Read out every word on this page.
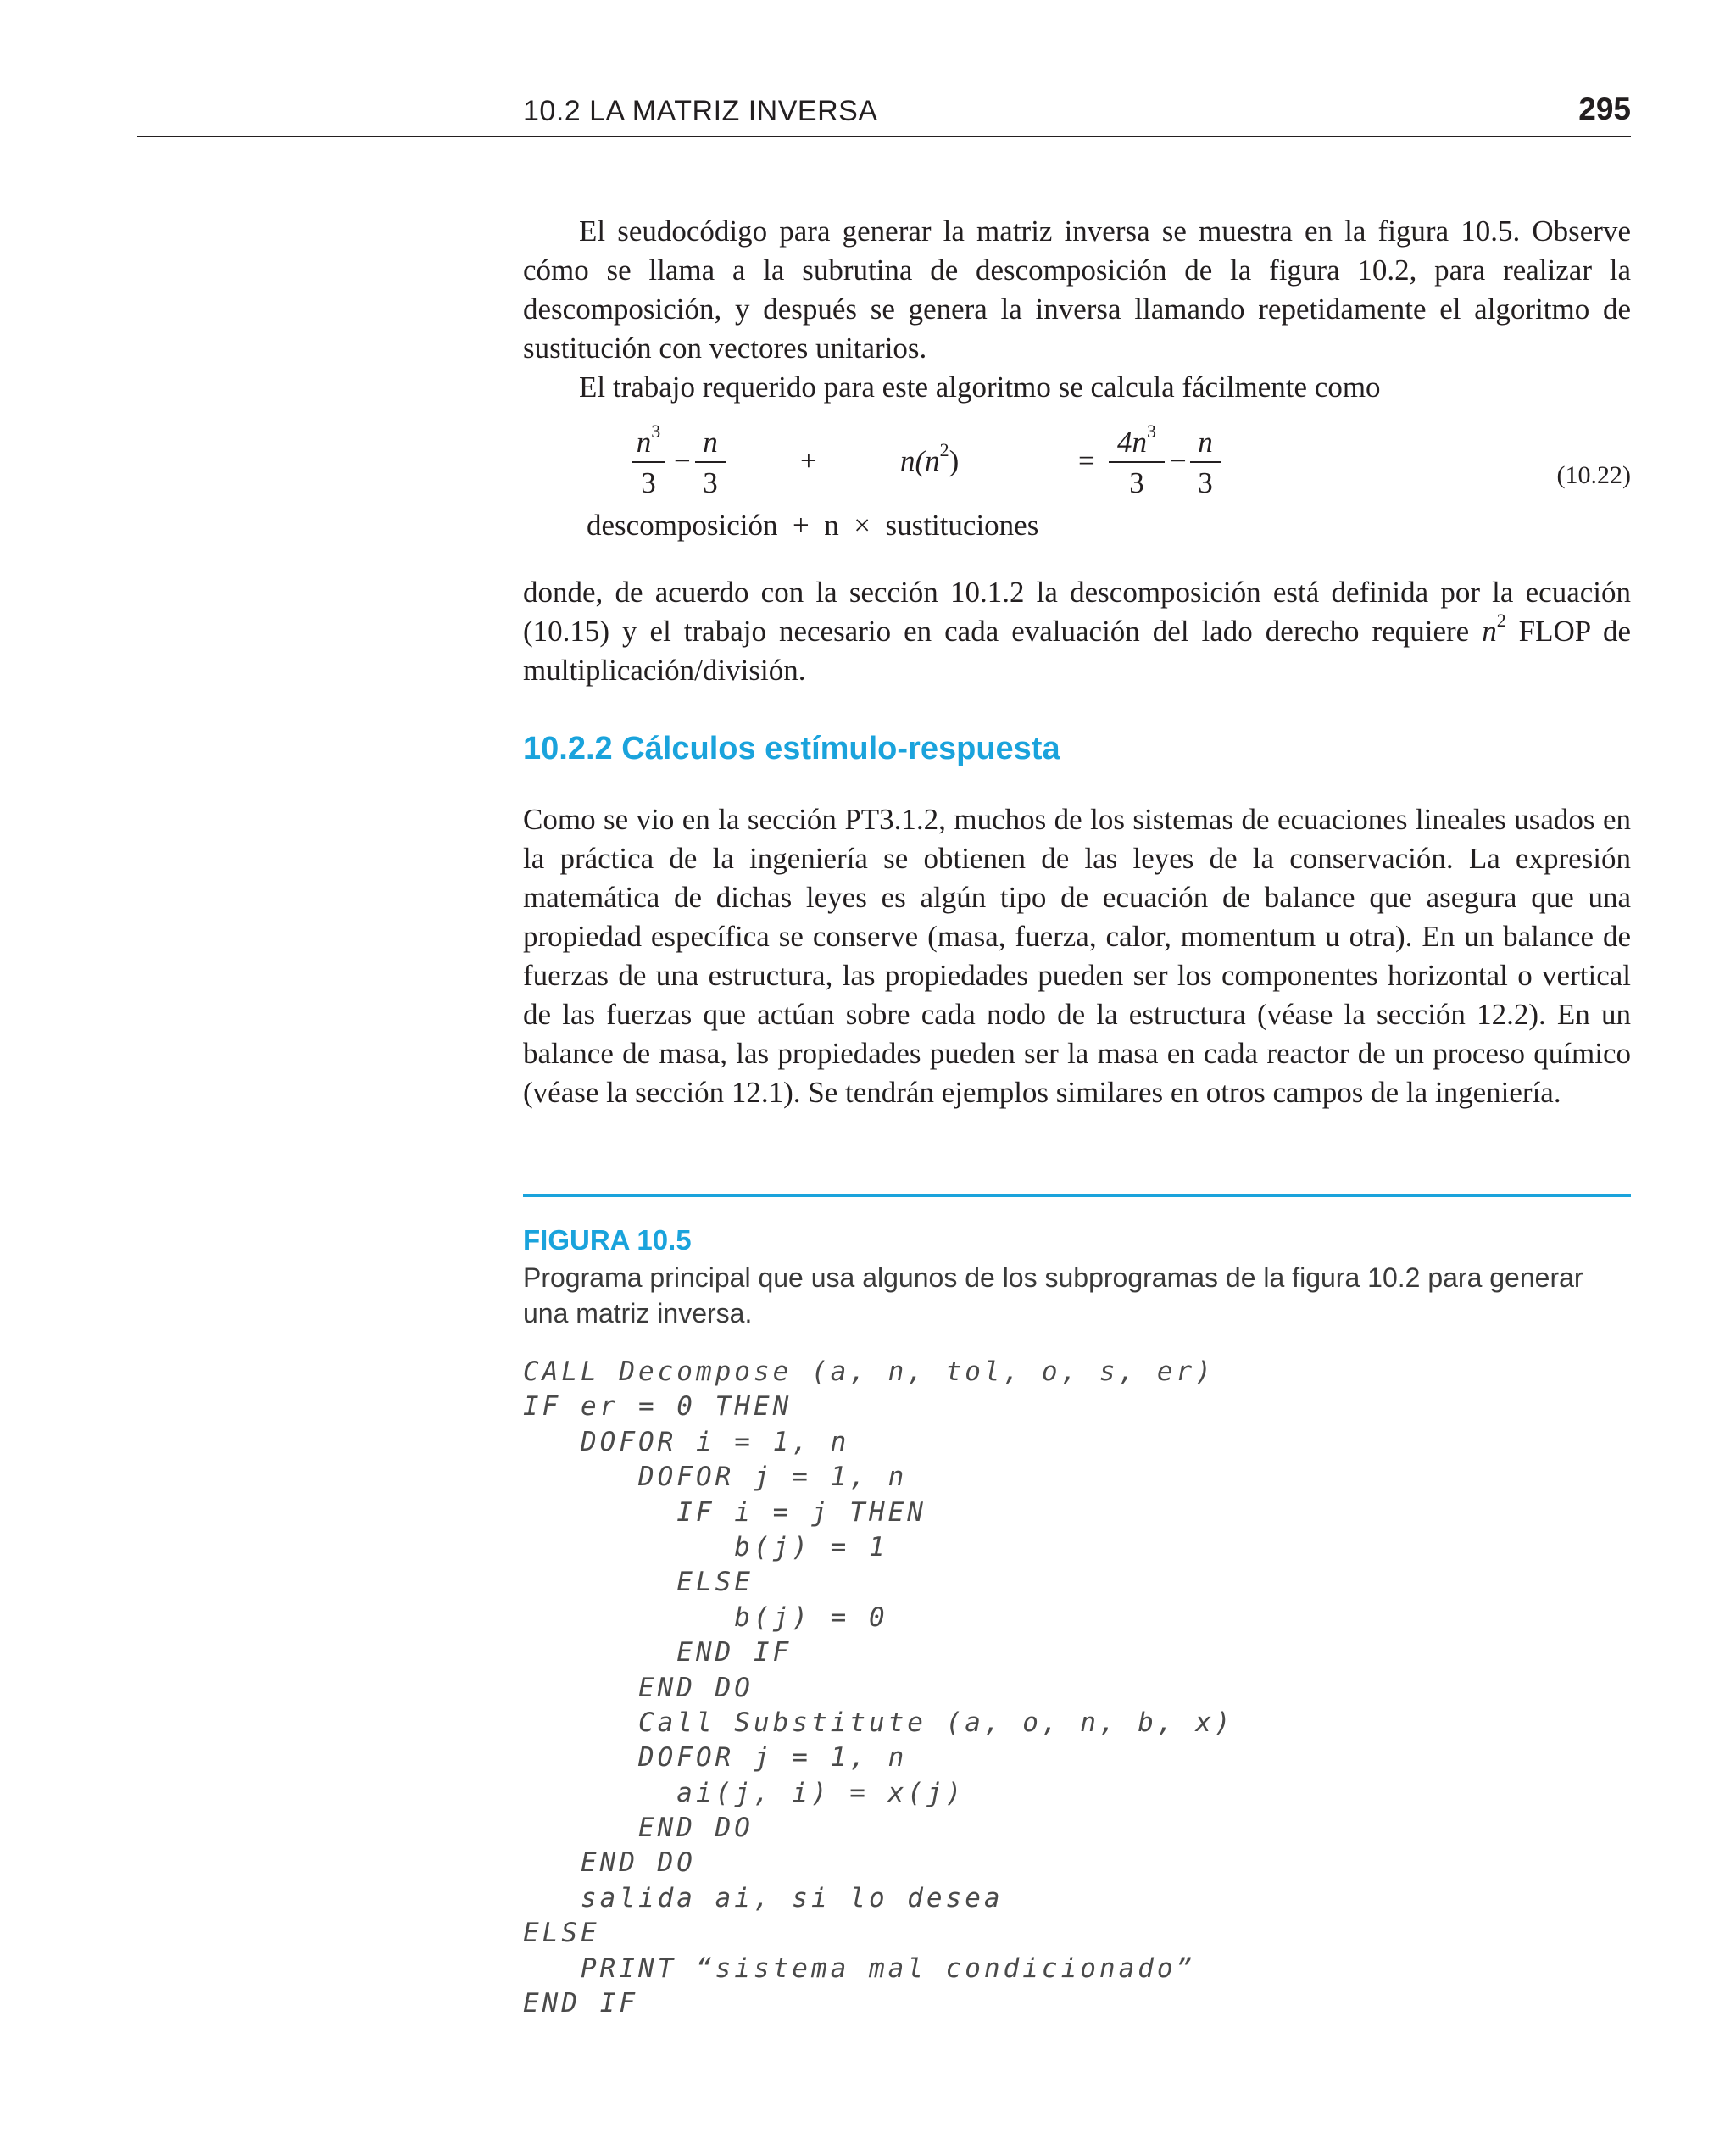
10.2 LA MATRIZ INVERSA	295

El seudocódigo para generar la matriz inversa se muestra en la figura 10.5. Observe cómo se llama a la subrutina de descomposición de la figura 10.2, para realizar la descomposición, y después se genera la inversa llamando repetidamente el algoritmo de sustitución con vectores unitarios.

El trabajo requerido para este algoritmo se calcula fácilmente como

$n^3$
3
−
n
3
+	$n(n^2)$	=
$4n^3$
3
−
n
3	(10.22)
descomposición  +  n  ×  sustituciones

donde, de acuerdo con la sección 10.1.2 la descomposición está definida por la ecuación (10.15) y el trabajo necesario en cada evaluación del lado derecho requiere $n^2$ FLOP de multiplicación/división.

10.2.2 Cálculos estímulo-respuesta

Como se vio en la sección PT3.1.2, muchos de los sistemas de ecuaciones lineales usados en la práctica de la ingeniería se obtienen de las leyes de la conservación. La expresión matemática de dichas leyes es algún tipo de ecuación de balance que asegura que una propiedad específica se conserve (masa, fuerza, calor, momentum u otra). En un balance de fuerzas de una estructura, las propiedades pueden ser los componentes horizontal o vertical de las fuerzas que actúan sobre cada nodo de la estructura (véase la sección 12.2). En un balance de masa, las propiedades pueden ser la masa en cada reactor de un proceso químico (véase la sección 12.1). Se tendrán ejemplos similares en otros campos de la ingeniería.

FIGURA 10.5
Programa principal que usa algunos de los subprogramas de la figura 10.2 para generar una matriz inversa.
CALL Decompose (a, n, tol, o, s, er)
IF er = 0 THEN
DOFOR i = 1, n
DOFOR j = 1, n
IF i = j THEN
b(j) = 1
ELSE
b(j) = 0
END IF
END DO
Call Substitute (a, o, n, b, x)
DOFOR j = 1, n
ai(j, i) = x(j)
END DO
END DO
salida ai, si lo desea
ELSE
PRINT “sistema mal condicionado”
END IF
